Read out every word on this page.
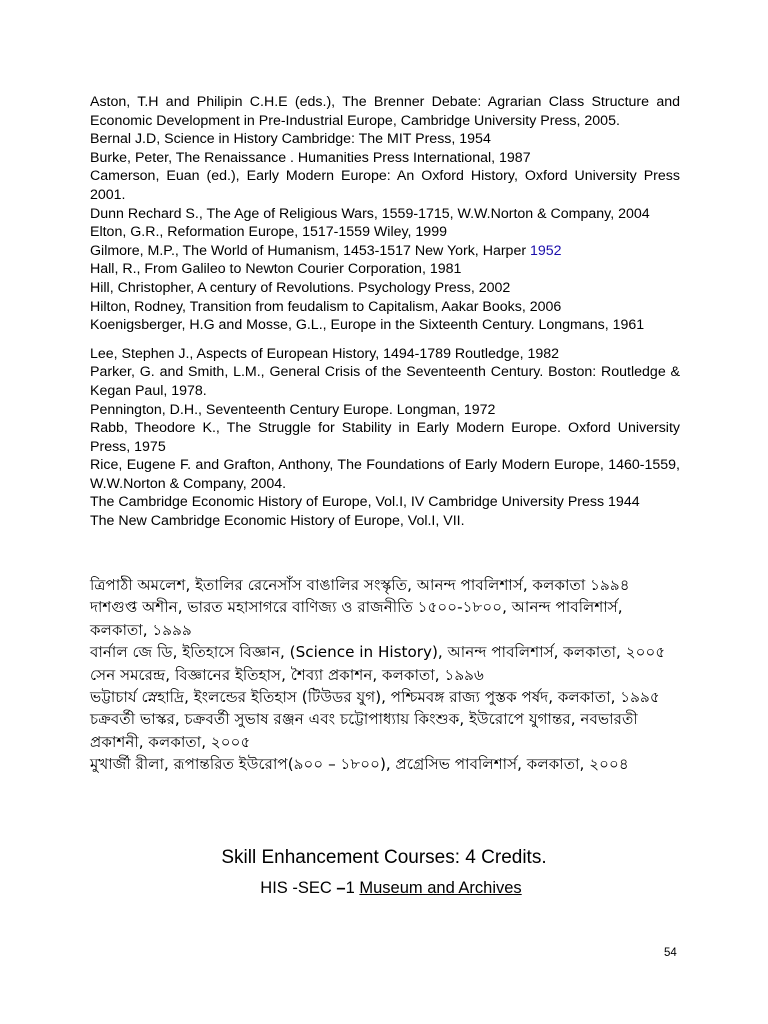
Aston, T.H and Philipin C.H.E (eds.), The Brenner Debate: Agrarian Class Structure and Economic Development in Pre-Industrial Europe, Cambridge University Press, 2005.

Bernal J.D, Science in History Cambridge: The MIT Press, 1954

Burke, Peter, The Renaissance . Humanities Press International, 1987

Camerson, Euan (ed.), Early Modern Europe: An Oxford History, Oxford University Press 2001.

Dunn Rechard S., The Age of Religious Wars, 1559-1715, W.W.Norton & Company, 2004

Elton, G.R., Reformation Europe, 1517-1559 Wiley, 1999

Gilmore, M.P., The World of Humanism, 1453-1517 New York, Harper 1952

Hall, R., From Galileo to Newton Courier Corporation, 1981

Hill, Christopher, A century of Revolutions. Psychology Press, 2002

Hilton, Rodney, Transition from feudalism to Capitalism, Aakar Books, 2006

Koenigsberger, H.G and Mosse, G.L., Europe in the Sixteenth Century. Longmans, 1961

Lee, Stephen J., Aspects of European History, 1494-1789 Routledge, 1982

Parker, G. and Smith, L.M., General Crisis of the Seventeenth Century. Boston: Routledge & Kegan Paul, 1978.

Pennington, D.H., Seventeenth Century Europe. Longman, 1972

Rabb, Theodore K., The Struggle for Stability in Early Modern Europe. Oxford University Press, 1975

Rice, Eugene F. and Grafton, Anthony, The Foundations of Early Modern Europe, 1460-1559, W.W.Norton & Company, 2004.

The Cambridge Economic History of Europe, Vol.I, IV Cambridge University Press 1944

The New Cambridge Economic History of Europe, Vol.I, VII.

ত্রিপাঠী অমলেশ, ইতালির রেনেসাঁস বাঙালির সংস্কৃতি, আনন্দ পাবলিশার্স, কলকাতা ১৯৯৪

দাশগুপ্ত অশীন, ভারত মহাসাগরে বাণিজ্য ও রাজনীতি ১৫০০-১৮০০, আনন্দ পাবলিশার্স, কলকাতা, ১৯৯৯

বার্নাল জে ডি, ইতিহাসে বিজ্ঞান, (Science in History), আনন্দ পাবলিশার্স, কলকাতা, ২০০৫

সেন সমরেন্দ্র, বিজ্ঞানের ইতিহাস, শৈব্যা প্রকাশন, কলকাতা, ১৯৯৬

ভট্টাচার্য স্নেহাদ্রি, ইংলন্ডের ইতিহাস (টিউডর যুগ), পশ্চিমবঙ্গ রাজ্য পুস্তক পর্ষদ, কলকাতা, ১৯৯৫

চক্রবর্তী ভাস্কর, চক্রবর্তী সুভাষ রঞ্জন এবং চট্টোপাধ্যায় কিংশুক, ইউরোপে যুগান্তর, নবভারতী প্রকাশনী, কলকাতা, ২০০৫

মুখার্জী রীলা, রূপান্তরিত ইউরোপ(৯০০ – ১৮০০), প্রগ্রেসিভ পাবলিশার্স, কলকাতা, ২০০৪

Skill Enhancement Courses: 4 Credits.

HIS -SEC –1 Museum and Archives

54
